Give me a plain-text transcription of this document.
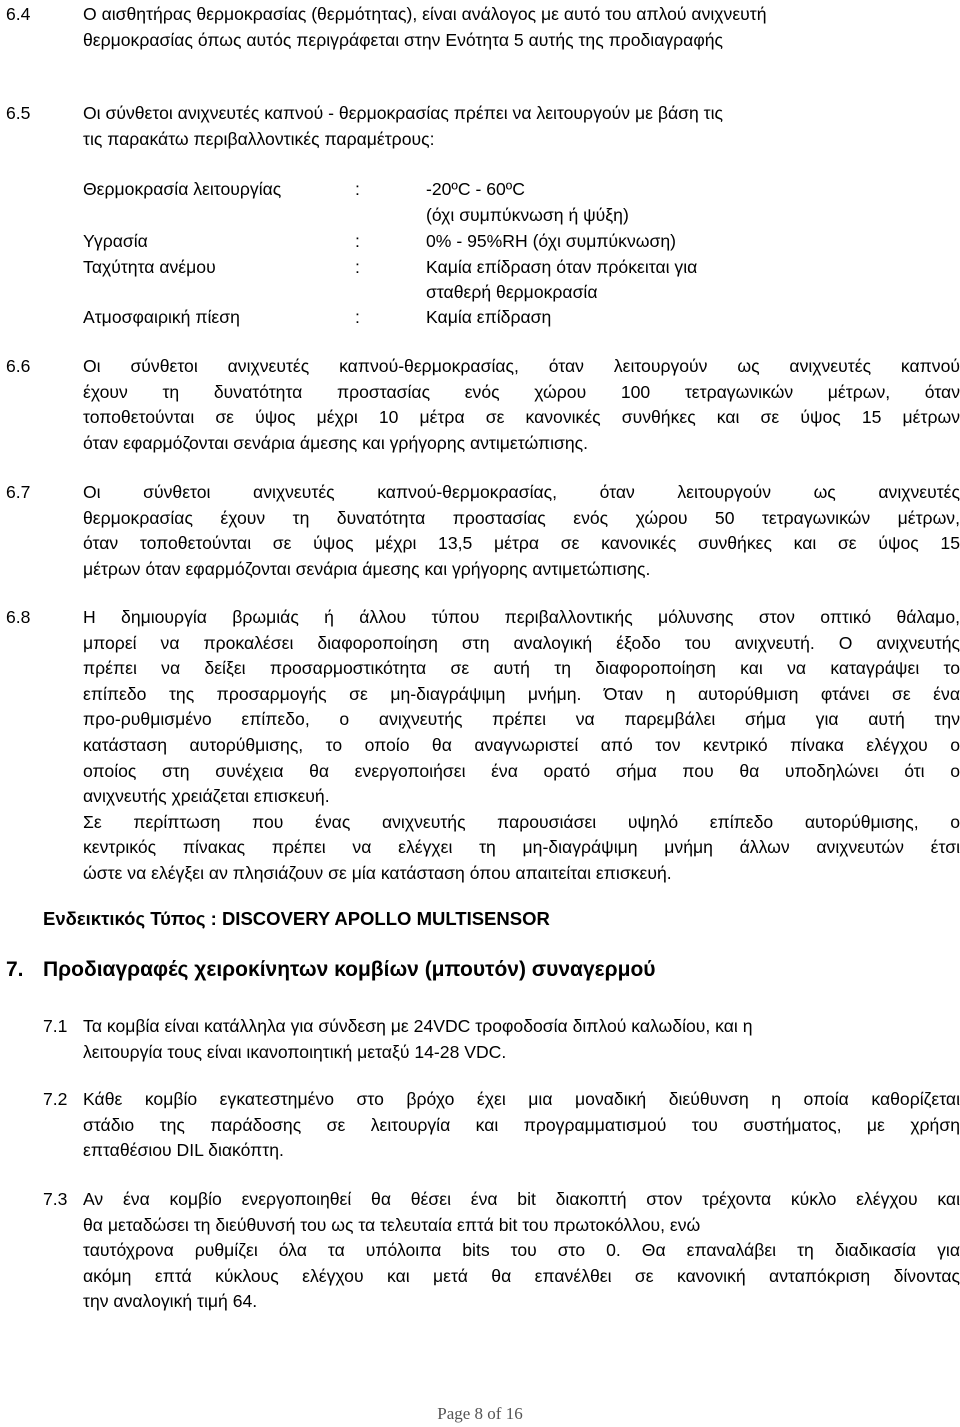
6.4	Ο αισθητήρας θερμοκρασίας (θερμότητας), είναι ανάλογος με αυτό του απλού ανιχνευτή
θερμοκρασίας όπως αυτός περιγράφεται στην Ενότητα 5 αυτής της προδιαγραφής
6.5	Οι σύνθετοι ανιχνευτές καπνού - θερμοκρασίας πρέπει να λειτουργούν με βάση τις
τις παρακάτω περιβαλλοντικές παραμέτρους:
Θερμοκρασία λειτουργίας	:	-20ºC - 60ºC
(όχι συμπύκνωση ή ψύξη)
Υγρασία	:	0% - 95%RH (όχι συμπύκνωση)
Ταχύτητα ανέμου	:	Καμία επίδραση όταν πρόκειται για
σταθερή θερμοκρασία
Ατμοσφαιρική πίεση	:	Καμία επίδραση
6.6	Οι σύνθετοι ανιχνευτές καπνού-θερμοκρασίας, όταν λειτουργούν ως ανιχνευτές καπνού
έχουν τη δυνατότητα προστασίας ενός χώρου 100 τετραγωνικών μέτρων, όταν
τοποθετούνται σε ύψος μέχρι 10 μέτρα σε κανονικές συνθήκες και σε ύψος 15 μέτρων
όταν εφαρμόζονται σενάρια άμεσης και γρήγορης αντιμετώπισης.
6.7	Οι σύνθετοι ανιχνευτές καπνού-θερμοκρασίας, όταν λειτουργούν ως ανιχνευτές
θερμοκρασίας έχουν τη δυνατότητα προστασίας ενός χώρου 50 τετραγωνικών μέτρων,
όταν τοποθετούνται σε ύψος μέχρι 13,5 μέτρα σε κανονικές συνθήκες και σε ύψος 15
μέτρων όταν εφαρμόζονται σενάρια άμεσης και γρήγορης αντιμετώπισης.
6.8	Η δημιουργία βρωμιάς ή άλλου τύπου περιβαλλοντικής μόλυνσης στον οπτικό θάλαμο,
μπορεί να προκαλέσει διαφοροποίηση στη αναλογική έξοδο του ανιχνευτή. Ο ανιχνευτής
πρέπει να δείξει προσαρμοστικότητα σε αυτή τη διαφοροποίηση και να καταγράψει το
επίπεδο της προσαρμογής σε μη-διαγράψιμη μνήμη. Όταν η αυτορύθμιση φτάνει σε ένα
προ-ρυθμισμένο επίπεδο, ο ανιχνευτής πρέπει να παρεμβάλει σήμα για αυτή την
κατάσταση αυτορύθμισης, το οποίο θα αναγνωριστεί από τον κεντρικό πίνακα ελέγχου ο
οποίος στη συνέχεια θα ενεργοποιήσει ένα ορατό σήμα που θα υποδηλώνει ότι ο
ανιχνευτής χρειάζεται επισκευή.
Σε περίπτωση που ένας ανιχνευτής παρουσιάσει υψηλό επίπεδο αυτορύθμισης, ο
κεντρικός πίνακας πρέπει να ελέγχει τη μη-διαγράψιμη μνήμη άλλων ανιχνευτών έτσι
ώστε να ελέγξει αν πλησιάζουν σε μία κατάσταση όπου απαιτείται επισκευή.
Ενδεικτικός Τύπος : DISCOVERY APOLLO MULTISENSOR
7. Προδιαγραφές χειροκίνητων κομβίων (μπουτόν) συναγερμού
7.1 Τα κομβία είναι κατάλληλα για σύνδεση με 24VDC τροφοδοσία διπλού καλωδίου, και η
λειτουργία τους είναι ικανοποιητική μεταξύ 14-28 VDC.
7.2 Κάθε κομβίο εγκατεστημένο στο βρόχο έχει μια μοναδική διεύθυνση η οποία καθορίζεται
στάδιο της παράδοσης σε λειτουργία και προγραμματισμού του συστήματος, με χρήση
επταθέσιου DIL διακόπτη.
7.3 Αν ένα κομβίο ενεργοποιηθεί θα θέσει ένα bit διακοπτή στον τρέχοντα κύκλο ελέγχου και
θα μεταδώσει τη διεύθυνσή του ως τα τελευταία επτά bit του πρωτοκόλλου, ενώ
ταυτόχρονα ρυθμίζει όλα τα υπόλοιπα bits του στο 0. Θα επαναλάβει τη διαδικασία για
ακόμη επτά κύκλους ελέγχου και μετά θα επανέλθει σε κανονική ανταπόκριση δίνοντας
την αναλογική τιμή 64.
Page 8 of 16
